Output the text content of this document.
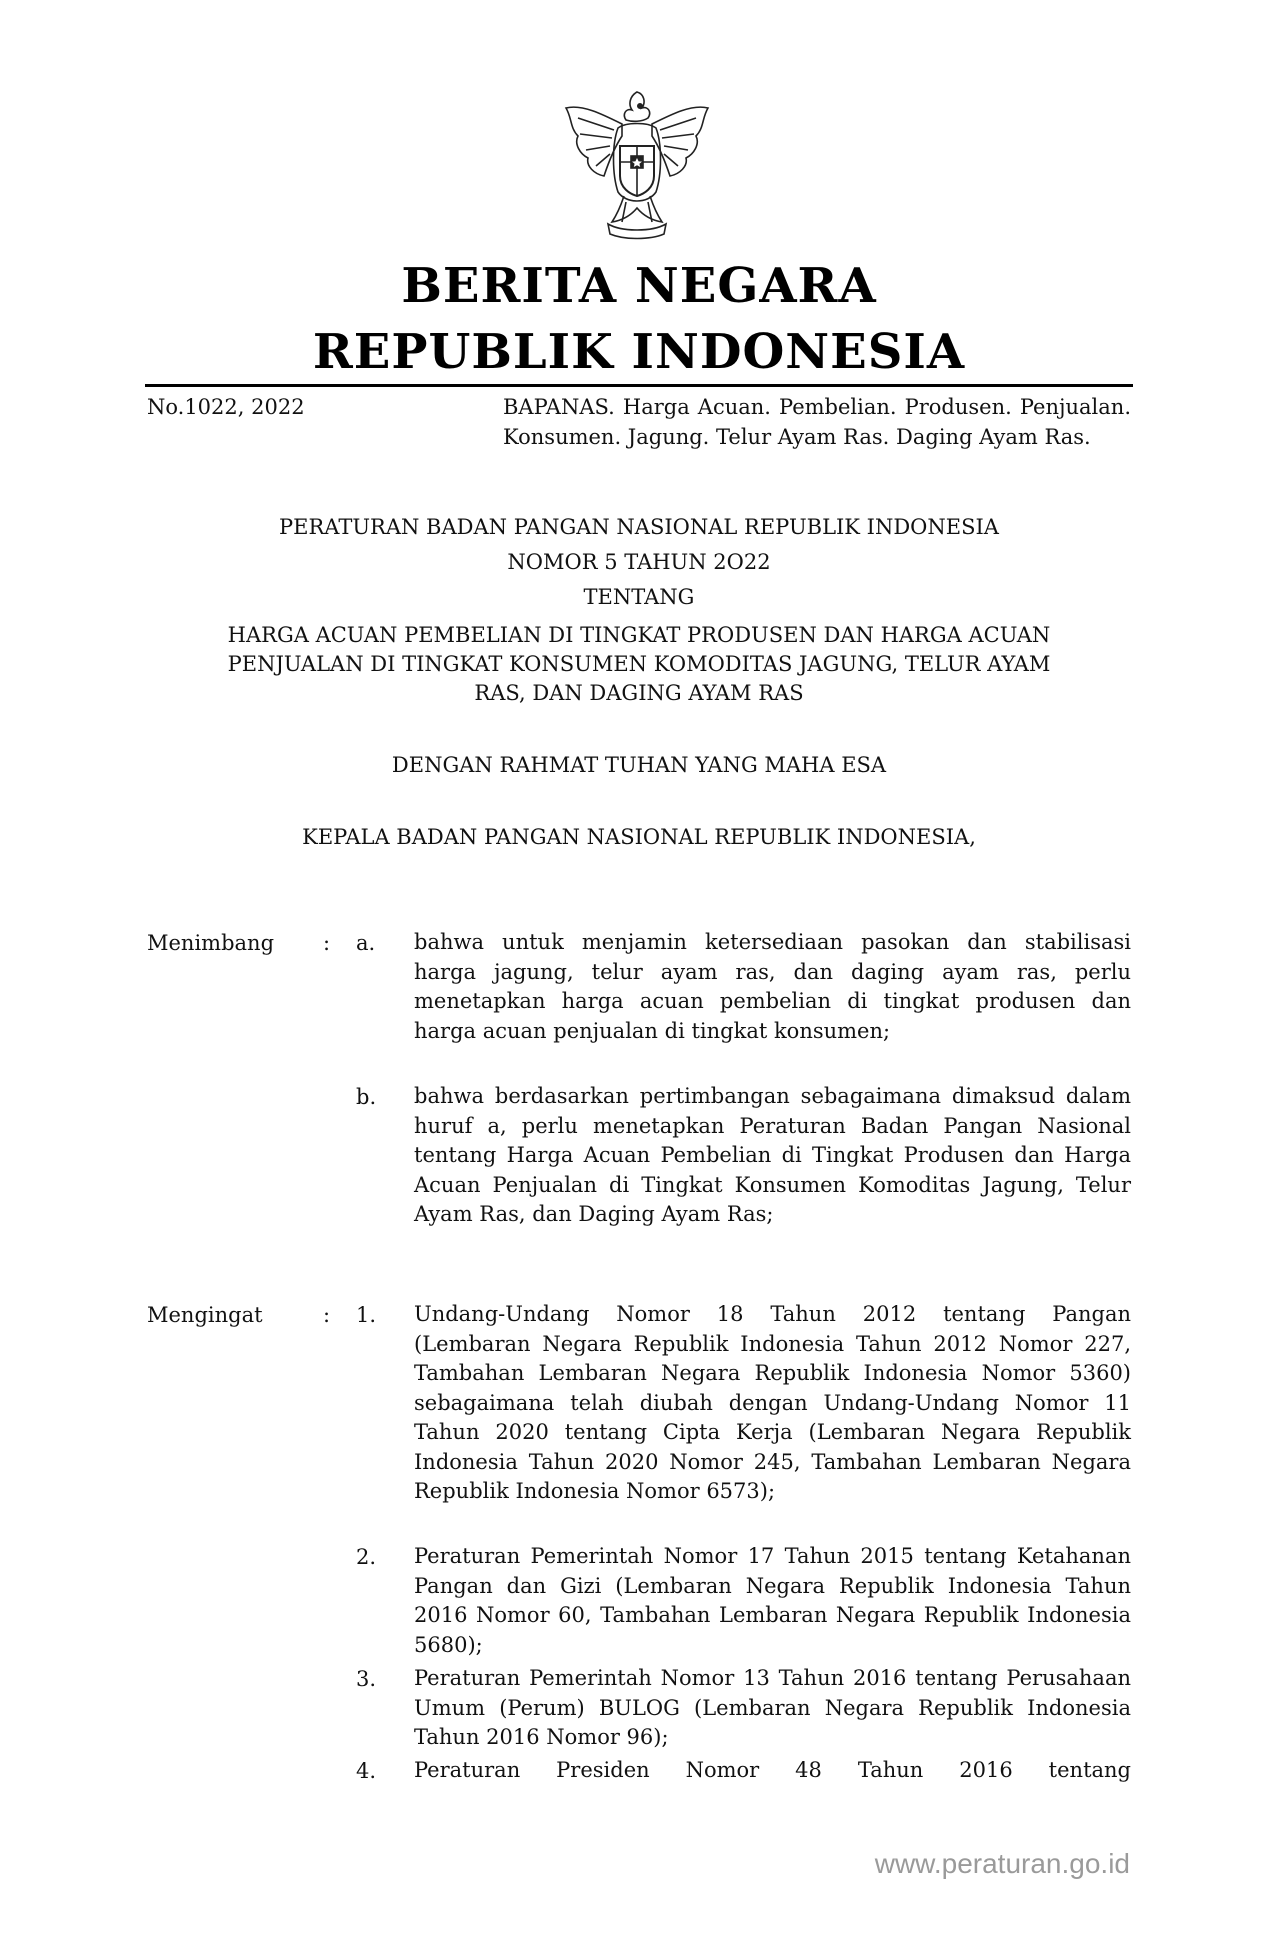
BERITA NEGARA
REPUBLIK INDONESIA
No.1022, 2022	BAPANAS. Harga Acuan. Pembelian. Produsen. Penjualan. Konsumen. Jagung. Telur Ayam Ras. Daging Ayam Ras.
PERATURAN BADAN PANGAN NASIONAL REPUBLIK INDONESIA
NOMOR 5 TAHUN 2O22
TENTANG
HARGA ACUAN PEMBELIAN DI TINGKAT PRODUSEN DAN HARGA ACUAN
PENJUALAN DI TINGKAT KONSUMEN KOMODITAS JAGUNG, TELUR AYAM
RAS, DAN DAGING AYAM RAS
DENGAN RAHMAT TUHAN YANG MAHA ESA
KEPALA BADAN PANGAN NASIONAL REPUBLIK INDONESIA,
Menimbang : a.	bahwa untuk menjamin ketersediaan pasokan dan stabilisasi harga jagung, telur ayam ras, dan daging ayam ras, perlu menetapkan harga acuan pembelian di tingkat produsen dan harga acuan penjualan di tingkat konsumen;
b.	bahwa berdasarkan pertimbangan sebagaimana dimaksud dalam huruf a, perlu menetapkan Peraturan Badan Pangan Nasional tentang Harga Acuan Pembelian di Tingkat Produsen dan Harga Acuan Penjualan di Tingkat Konsumen Komoditas Jagung, Telur Ayam Ras, dan Daging Ayam Ras;
Mengingat	: 1.	Undang-Undang Nomor 18 Tahun 2012 tentang Pangan (Lembaran Negara Republik Indonesia Tahun 2012 Nomor 227, Tambahan Lembaran Negara Republik Indonesia Nomor 5360) sebagaimana telah diubah dengan Undang-Undang Nomor 11 Tahun 2020 tentang Cipta Kerja (Lembaran Negara Republik Indonesia Tahun 2020 Nomor 245, Tambahan Lembaran Negara Republik Indonesia Nomor 6573);
2.	Peraturan Pemerintah Nomor 17 Tahun 2015 tentang Ketahanan Pangan dan Gizi (Lembaran Negara Republik Indonesia Tahun 2016 Nomor 60, Tambahan Lembaran Negara Republik Indonesia 5680);
3.	Peraturan Pemerintah Nomor 13 Tahun 2016 tentang Perusahaan Umum (Perum) BULOG (Lembaran Negara Republik Indonesia Tahun 2016 Nomor 96);
4.	Peraturan Presiden Nomor 48 Tahun 2016 tentang
www.peraturan.go.id
